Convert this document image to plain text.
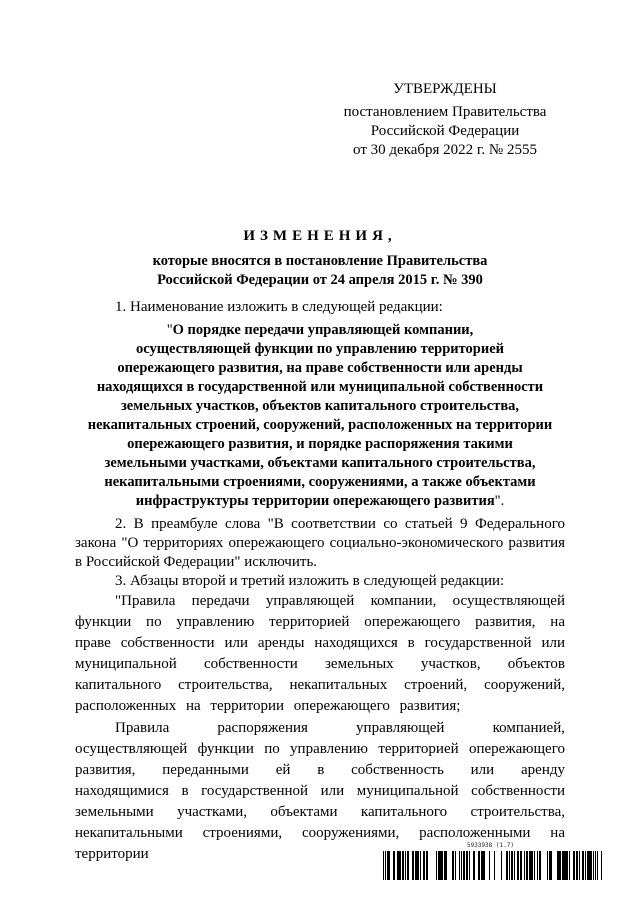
УТВЕРЖДЕНЫ
постановлением Правительства
Российской Федерации
от 30 декабря 2022 г. № 2555
ИЗМЕНЕНИЯ,
которые вносятся в постановление Правительства
Российской Федерации от 24 апреля 2015 г. № 390

1. Наименование изложить в следующей редакции:

"О порядке передачи управляющей компании,
осуществляющей функции по управлению территорией
опережающего развития, на праве собственности или аренды
находящихся в государственной или муниципальной собственности
земельных участков, объектов капитального строительства,
некапитальных строений, сооружений, расположенных на территории
опережающего развития, и порядке распоряжения такими
земельными участками, объектами капитального строительства,
некапитальными строениями, сооружениями, а также объектами
инфраструктуры территории опережающего развития".

2. В преамбуле слова "В соответствии со статьей 9 Федерального закона "О территориях опережающего социально-экономического развития в Российской Федерации" исключить.

3. Абзацы второй и третий изложить в следующей редакции:

"Правила передачи управляющей компании, осуществляющей функции по управлению территорией опережающего развития, на праве собственности или аренды находящихся в государственной или муниципальной собственности земельных участков, объектов капитального строительства, некапитальных строений, сооружений, расположенных на территории опережающего развития;

Правила распоряжения управляющей компанией, осуществляющей функции по управлению территорией опережающего развития, переданными ей в собственность или аренду находящимися в государственной или муниципальной собственности земельными участками, объектами капитального строительства, некапитальными строениями, сооружениями, расположенными на территории

5933938 (1.7)
